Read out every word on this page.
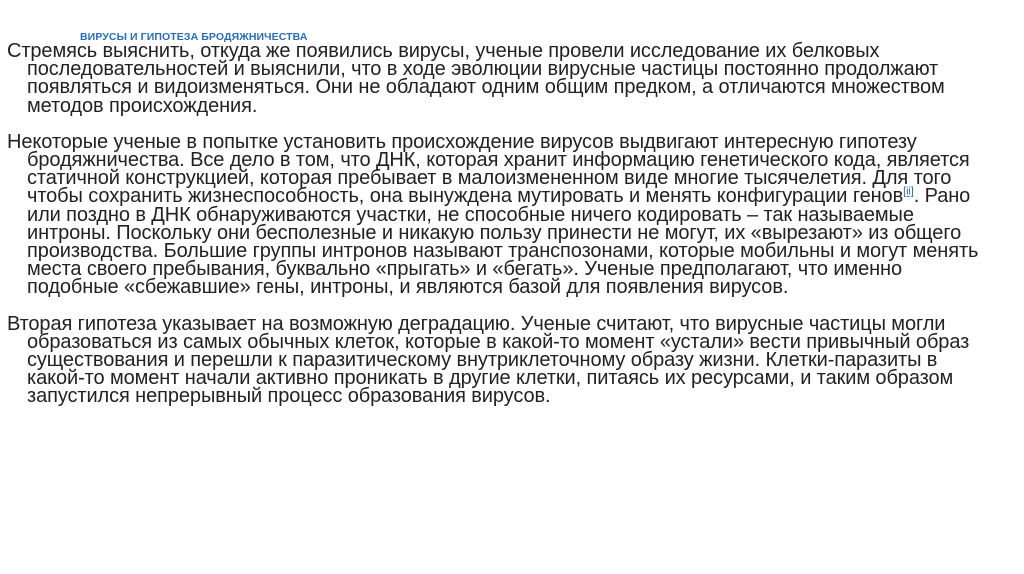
ВИРУСЫ И ГИПОТЕЗА БРОДЯЖНИЧЕСТВА

Стремясь выяснить, откуда же появились вирусы, ученые провели исследование их белковых последовательностей и выяснили, что в ходе эволюции вирусные частицы постоянно продолжают появляться и видоизменяться. Они не обладают одним общим предком, а отличаются множеством методов происхождения.

Некоторые ученые в попытке установить происхождение вирусов выдвигают интересную гипотезу бродяжничества. Все дело в том, что ДНК, которая хранит информацию генетического кода, является статичной конструкцией, которая пребывает в малоизмененном виде многие тысячелетия. Для того чтобы сохранить жизнеспособность, она вынуждена мутировать и менять конфигурации генов[ii]. Рано или поздно в ДНК обнаруживаются участки, не способные ничего кодировать – так называемые интроны. Поскольку они бесполезные и никакую пользу принести не могут, их «вырезают» из общего производства. Большие группы интронов называют транспозонами, которые мобильны и могут менять места своего пребывания, буквально «прыгать» и «бегать». Ученые предполагают, что именно подобные «сбежавшие» гены, интроны, и являются базой для появления вирусов.

Вторая гипотеза указывает на возможную деградацию. Ученые считают, что вирусные частицы могли образоваться из самых обычных клеток, которые в какой-то момент «устали» вести привычный образ существования и перешли к паразитическому внутриклеточному образу жизни. Клетки-паразиты в какой-то момент начали активно проникать в другие клетки, питаясь их ресурсами, и таким образом запустился непрерывный процесс образования вирусов.
